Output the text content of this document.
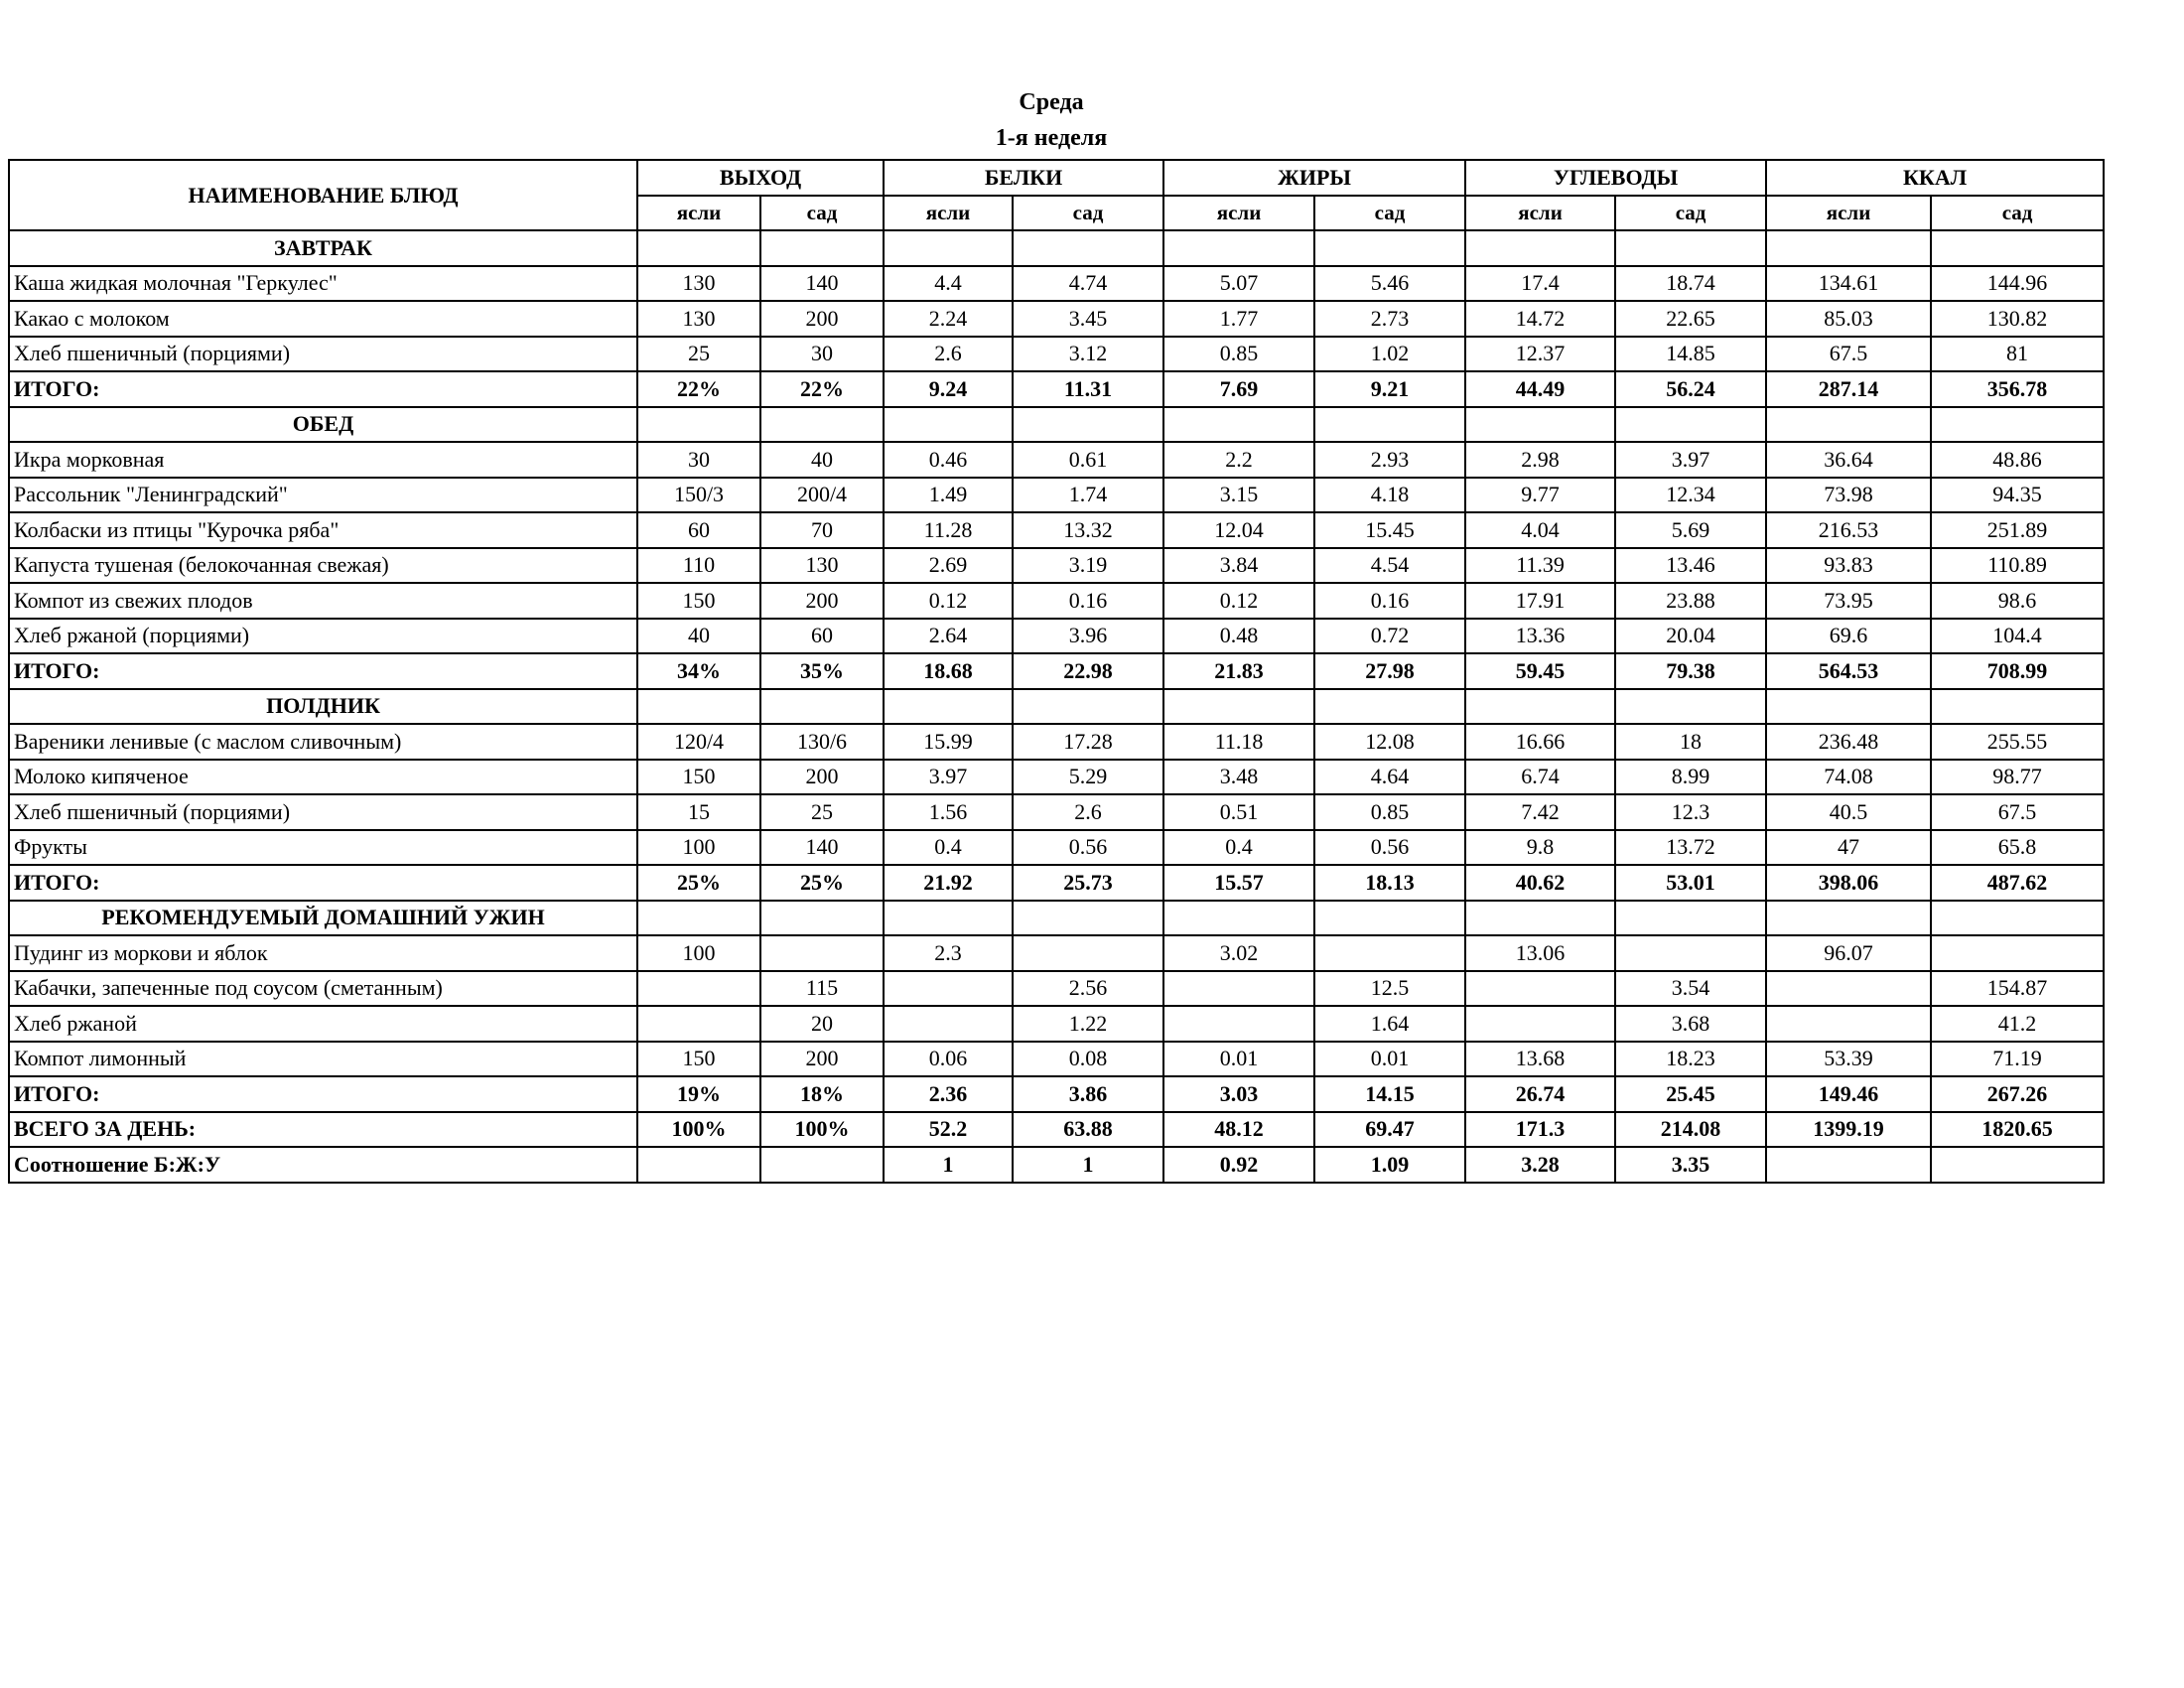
Среда
1-я неделя
НАИМЕНОВАНИЕ БЛЮД	ВЫХОД		БЕЛКИ		ЖИРЫ		УГЛЕВОДЫ		ККАЛ	
	ясли	сад	ясли	сад	ясли	сад	ясли	сад	ясли	сад
ЗАВТРАК										
Каша жидкая молочная "Геркулес"	130	140	4.4	4.74	5.07	5.46	17.4	18.74	134.61	144.96
Какао с молоком	130	200	2.24	3.45	1.77	2.73	14.72	22.65	85.03	130.82
Хлеб пшеничный (порциями)	25	30	2.6	3.12	0.85	1.02	12.37	14.85	67.5	81
ИТОГО:	22%	22%	9.24	11.31	7.69	9.21	44.49	56.24	287.14	356.78
ОБЕД										
Икра морковная	30	40	0.46	0.61	2.2	2.93	2.98	3.97	36.64	48.86
Рассольник "Ленинградский"	150/3	200/4	1.49	1.74	3.15	4.18	9.77	12.34	73.98	94.35
Колбаски из птицы "Курочка ряба"	60	70	11.28	13.32	12.04	15.45	4.04	5.69	216.53	251.89
Капуста тушеная (белокочанная свежая)	110	130	2.69	3.19	3.84	4.54	11.39	13.46	93.83	110.89
Компот из свежих плодов	150	200	0.12	0.16	0.12	0.16	17.91	23.88	73.95	98.6
Хлеб ржаной (порциями)	40	60	2.64	3.96	0.48	0.72	13.36	20.04	69.6	104.4
ИТОГО:	34%	35%	18.68	22.98	21.83	27.98	59.45	79.38	564.53	708.99
ПОЛДНИК										
Вареники ленивые (с маслом сливочным)	120/4	130/6	15.99	17.28	11.18	12.08	16.66	18	236.48	255.55
Молоко кипяченое	150	200	3.97	5.29	3.48	4.64	6.74	8.99	74.08	98.77
Хлеб пшеничный (порциями)	15	25	1.56	2.6	0.51	0.85	7.42	12.3	40.5	67.5
Фрукты	100	140	0.4	0.56	0.4	0.56	9.8	13.72	47	65.8
ИТОГО:	25%	25%	21.92	25.73	15.57	18.13	40.62	53.01	398.06	487.62
РЕКОМЕНДУЕМЫЙ ДОМАШНИЙ УЖИН										
Пудинг из моркови и яблок	100		2.3		3.02		13.06		96.07	
Кабачки, запеченные под соусом (сметанным)		115		2.56		12.5		3.54		154.87
Хлеб ржаной		20		1.22		1.64		3.68		41.2
Компот лимонный	150	200	0.06	0.08	0.01	0.01	13.68	18.23	53.39	71.19
ИТОГО:	19%	18%	2.36	3.86	3.03	14.15	26.74	25.45	149.46	267.26
ВСЕГО ЗА ДЕНЬ:	100%	100%	52.2	63.88	48.12	69.47	171.3	214.08	1399.19	1820.65
Соотношение Б:Ж:У			1	1	0.92	1.09	3.28	3.35		
